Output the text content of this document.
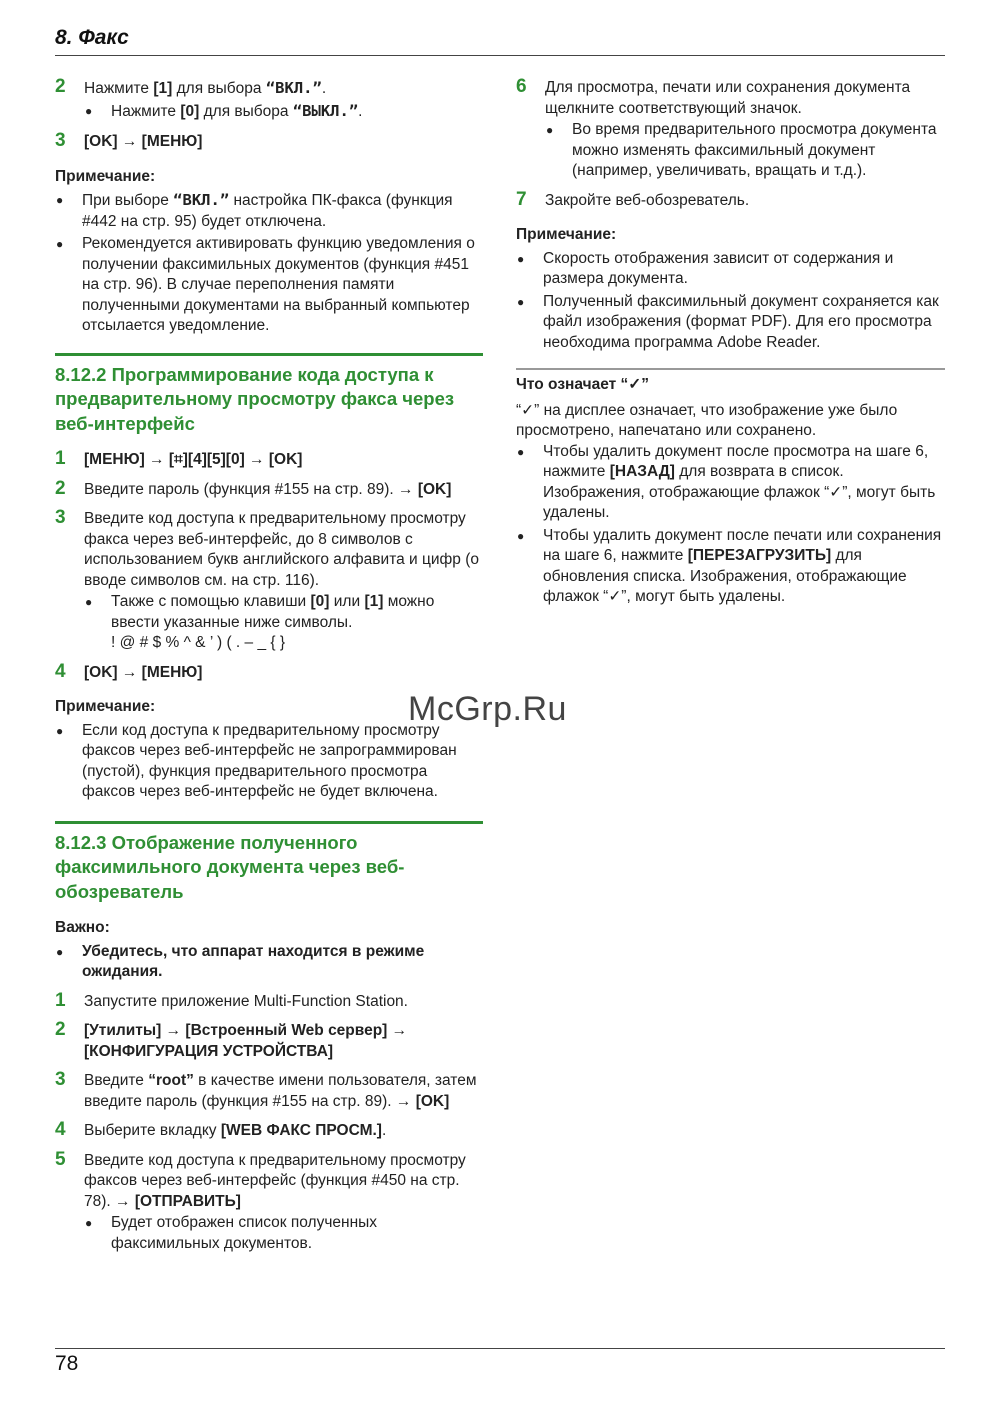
8. Факс
2 Нажмите [1] для выбора “ВКЛ.”.
● Нажмите [0] для выбора “ВЫКЛ.”.
3 [OK] → [МЕНЮ]
Примечание:
● При выборе “ВКЛ.” настройка ПК-факса (функция #442 на стр. 95) будет отключена.
● Рекомендуется активировать функцию уведомления о получении факсимильных документов (функция #451 на стр. 96). В случае переполнения памяти полученными документами на выбранный компьютер отсылается уведомление.
8.12.2 Программирование кода доступа к предварительному просмотру факса через веб-интерфейс
1 [МЕНЮ] → [⌗][4][5][0] → [OK]
2 Введите пароль (функция #155 на стр. 89). → [OK]
3 Введите код доступа к предварительному просмотру факса через веб-интерфейс, до 8 символов с использованием букв английского алфавита и цифр (о вводе символов см. на стр. 116).
● Также с помощью клавиши [0] или [1] можно ввести указанные ниже символы.
! @ # $ % ^ & ’ ) ( . – _ { }
4 [OK] → [МЕНЮ]
Примечание:
● Если код доступа к предварительному просмотру факсов через веб-интерфейс не запрограммирован (пустой), функция предварительного просмотра факсов через веб-интерфейс не будет включена.
8.12.3 Отображение полученного факсимильного документа через веб-обозреватель
Важно:
● Убедитесь, что аппарат находится в режиме ожидания.
1 Запустите приложение Multi-Function Station.
2 [Утилиты] → [Встроенный Web сервер] → [КОНФИГУРАЦИЯ УСТРОЙСТВА]
3 Введите “root” в качестве имени пользователя, затем введите пароль (функция #155 на стр. 89). → [OK]
4 Выберите вкладку [WEB ФАКС ПРОСМ.].
5 Введите код доступа к предварительному просмотру факсов через веб-интерфейс (функция #450 на стр. 78). → [ОТПРАВИТЬ]
● Будет отображен список полученных факсимильных документов.
6 Для просмотра, печати или сохранения документа щелкните соответствующий значок.
● Во время предварительного просмотра документа можно изменять факсимильный документ (например, увеличивать, вращать и т.д.).
7 Закройте веб-обозреватель.
Примечание:
● Скорость отображения зависит от содержания и размера документа.
● Полученный факсимильный документ сохраняется как файл изображения (формат PDF). Для его просмотра необходима программа Adobe Reader.
Что означает “✓”
“✓” на дисплее означает, что изображение уже было просмотрено, напечатано или сохранено.
● Чтобы удалить документ после просмотра на шаге 6, нажмите [НАЗАД] для возврата в список. Изображения, отображающие флажок “✓”, могут быть удалены.
● Чтобы удалить документ после печати или сохранения на шаге 6, нажмите [ПЕРЕЗАГРУЗИТЬ] для обновления списка. Изображения, отображающие флажок “✓”, могут быть удалены.
McGrp.Ru
78
